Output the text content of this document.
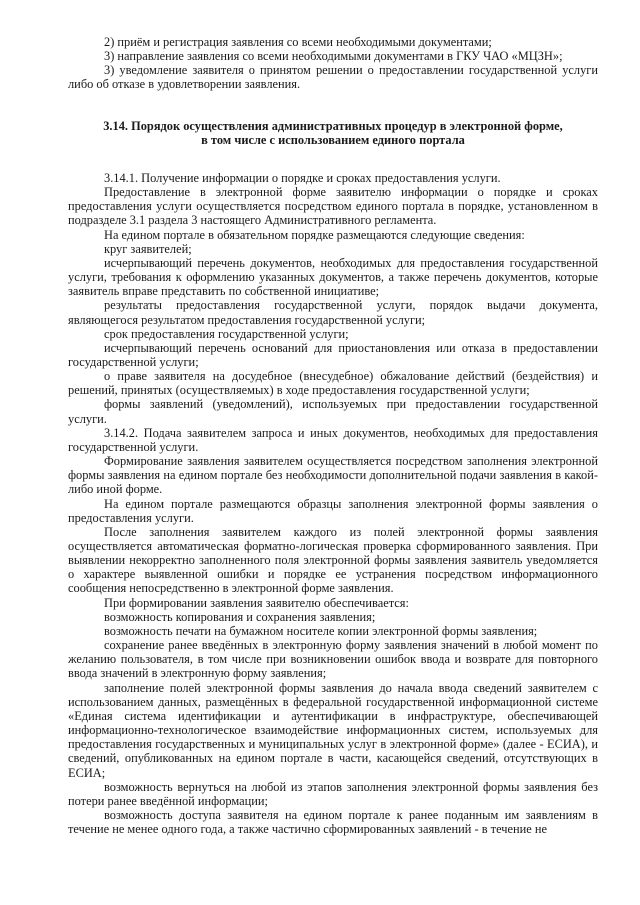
2) приём и регистрация заявления со всеми необходимыми документами;

3) направление заявления со всеми необходимыми документами в ГКУ ЧАО «МЦЗН»;

3) уведомление заявителя о принятом решении о предоставлении государственной услуги либо об отказе в удовлетворении заявления.

3.14. Порядок осуществления административных процедур в электронной форме,

в том числе с использованием единого портала

3.14.1. Получение информации о порядке и сроках предоставления услуги.

Предоставление в электронной форме заявителю информации о порядке и сроках предоставления услуги осуществляется посредством единого портала в порядке, установленном в подразделе 3.1 раздела 3 настоящего Административного регламента.

На едином портале в обязательном порядке размещаются следующие сведения:

круг заявителей;

исчерпывающий перечень документов, необходимых для предоставления государственной услуги, требования к оформлению указанных документов, а также перечень документов, которые заявитель вправе представить по собственной инициативе;

результаты предоставления государственной услуги, порядок выдачи документа, являющегося результатом предоставления государственной услуги;

срок предоставления государственной услуги;

исчерпывающий перечень оснований для приостановления или отказа в предоставлении государственной услуги;

о праве заявителя на досудебное (внесудебное) обжалование действий (бездействия) и решений, принятых (осуществляемых) в ходе предоставления государственной услуги;

формы заявлений (уведомлений), используемых при предоставлении государственной услуги.

3.14.2. Подача заявителем запроса и иных документов, необходимых для предоставления государственной услуги.

Формирование заявления заявителем осуществляется посредством заполнения электронной формы заявления на едином портале без необходимости дополнительной подачи заявления в какой-либо иной форме.

На едином портале размещаются образцы заполнения электронной формы заявления о предоставления услуги.

После заполнения заявителем каждого из полей электронной формы заявления осуществляется автоматическая форматно-логическая проверка сформированного заявления. При выявлении некорректно заполненного поля электронной формы заявления заявитель уведомляется о характере выявленной ошибки и порядке ее устранения посредством информационного сообщения непосредственно в электронной форме заявления.

При формировании заявления заявителю обеспечивается:

возможность копирования и сохранения заявления;

возможность печати на бумажном носителе копии электронной формы заявления;

сохранение ранее введённых в электронную форму заявления значений в любой момент по желанию пользователя, в том числе при возникновении ошибок ввода и возврате для повторного ввода значений в электронную форму заявления;

заполнение полей электронной формы заявления до начала ввода сведений заявителем с использованием данных, размещённых в федеральной государственной информационной системе «Единая система идентификации и аутентификации в инфраструктуре, обеспечивающей информационно-технологическое взаимодействие информационных систем, используемых для предоставления государственных и муниципальных услуг в электронной форме» (далее - ЕСИА), и сведений, опубликованных на едином портале в части, касающейся сведений, отсутствующих в ЕСИА;

возможность вернуться на любой из этапов заполнения электронной формы заявления без потери ранее введённой информации;

возможность доступа заявителя на едином портале к ранее поданным им заявлениям в течение не менее одного года, а также частично сформированных заявлений - в течение не
